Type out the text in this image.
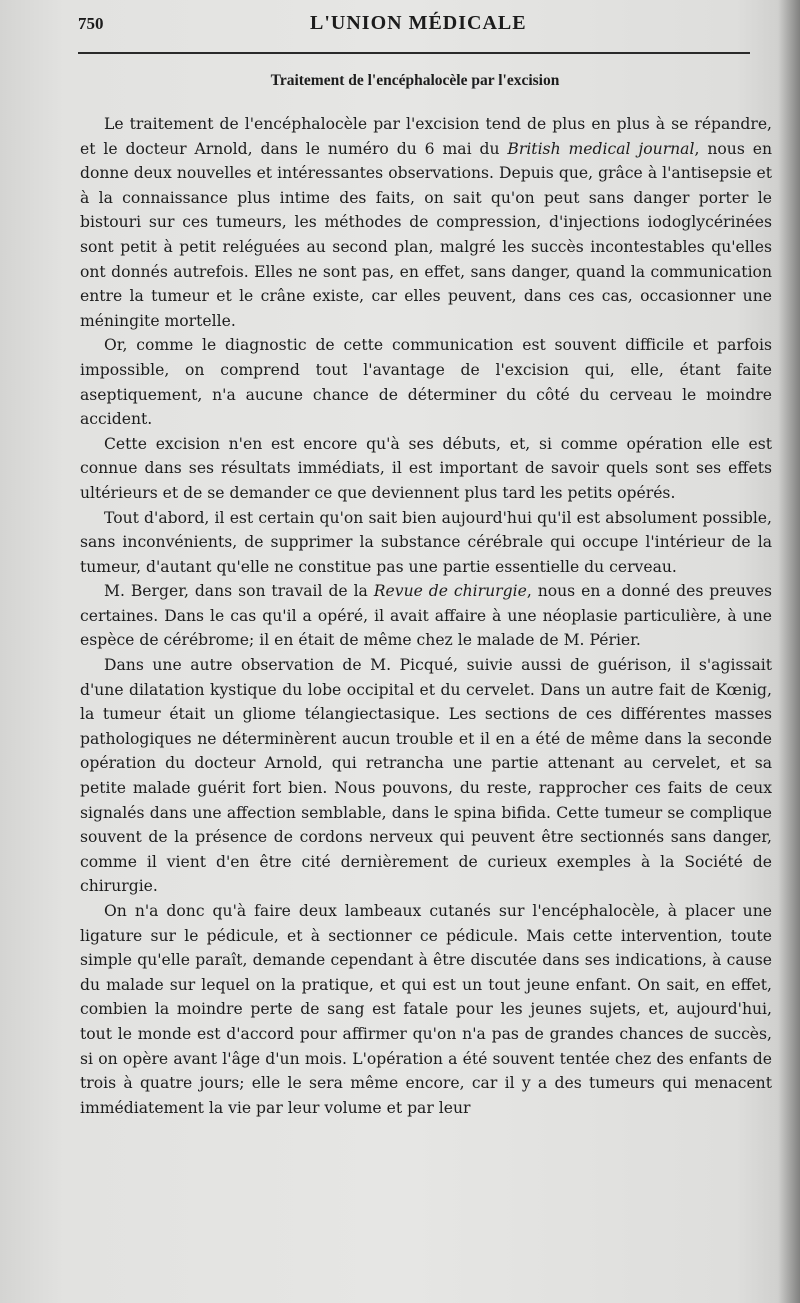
750	L'UNION MÉDICALE
Traitement de l'encéphalocèle par l'excision

Le traitement de l'encéphalocèle par l'excision tend de plus en plus à se répandre, et le docteur Arnold, dans le numéro du 6 mai du British medical journal, nous en donne deux nouvelles et intéressantes observations. Depuis que, grâce à l'antisepsie et à la connaissance plus intime des faits, on sait qu'on peut sans danger porter le bistouri sur ces tumeurs, les méthodes de compression, d'injections iodoglycérinées sont petit à petit reléguées au second plan, malgré les succès incontestables qu'elles ont donnés autrefois. Elles ne sont pas, en effet, sans danger, quand la communication entre la tumeur et le crâne existe, car elles peuvent, dans ces cas, occasionner une méningite mortelle.

Or, comme le diagnostic de cette communication est souvent difficile et parfois impossible, on comprend tout l'avantage de l'excision qui, elle, étant faite aseptiquement, n'a aucune chance de déterminer du côté du cerveau le moindre accident.

Cette excision n'en est encore qu'à ses débuts, et, si comme opération elle est connue dans ses résultats immédiats, il est important de savoir quels sont ses effets ultérieurs et de se demander ce que deviennent plus tard les petits opérés.

Tout d'abord, il est certain qu'on sait bien aujourd'hui qu'il est absolument possible, sans inconvénients, de supprimer la substance cérébrale qui occupe l'intérieur de la tumeur, d'autant qu'elle ne constitue pas une partie essentielle du cerveau.

M. Berger, dans son travail de la Revue de chirurgie, nous en a donné des preuves certaines. Dans le cas qu'il a opéré, il avait affaire à une néoplasie particulière, à une espèce de cérébrome; il en était de même chez le malade de M. Périer.

Dans une autre observation de M. Picqué, suivie aussi de guérison, il s'agissait d'une dilatation kystique du lobe occipital et du cervelet. Dans un autre fait de Kœnig, la tumeur était un gliome télangiectasique. Les sections de ces différentes masses pathologiques ne déterminèrent aucun trouble et il en a été de même dans la seconde opération du docteur Arnold, qui retrancha une partie attenant au cervelet, et sa petite malade guérit fort bien. Nous pouvons, du reste, rapprocher ces faits de ceux signalés dans une affection semblable, dans le spina bifida. Cette tumeur se complique souvent de la présence de cordons nerveux qui peuvent être sectionnés sans danger, comme il vient d'en être cité dernièrement de curieux exemples à la Société de chirurgie.

On n'a donc qu'à faire deux lambeaux cutanés sur l'encéphalocèle, à placer une ligature sur le pédicule, et à sectionner ce pédicule. Mais cette intervention, toute simple qu'elle paraît, demande cependant à être discutée dans ses indications, à cause du malade sur lequel on la pratique, et qui est un tout jeune enfant. On sait, en effet, combien la moindre perte de sang est fatale pour les jeunes sujets, et, aujourd'hui, tout le monde est d'accord pour affirmer qu'on n'a pas de grandes chances de succès, si on opère avant l'âge d'un mois. L'opération a été souvent tentée chez des enfants de trois à quatre jours; elle le sera même encore, car il y a des tumeurs qui menacent immédiatement la vie par leur volume et par leur
